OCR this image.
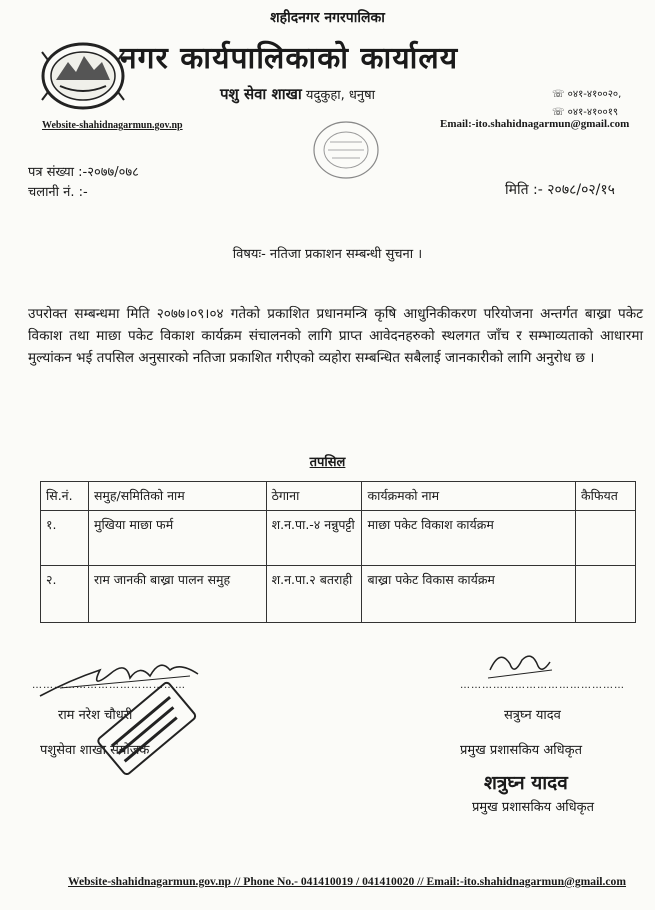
शहीदनगर नगरपालिका
नगर कार्यपालिकाको कार्यालय
पशु सेवा शाखा यदुकुहा, धनुषा	☏ ०४१-४१००२०,
☏ ०४१-४१००१९
Website-shahidnagarmun.gov.np	Email:-ito.shahidnagarmun@gmail.com
पत्र संख्या :-२०७७/०७८
चलानी नं. :-	मिति :- २०७८/०२/१५
विषयः- नतिजा प्रकाशन सम्बन्धी सुचना ।
उपरोक्त सम्बन्धमा मिति २०७७।०९।०४ गतेको प्रकाशित प्रधानमन्त्रि कृषि आधुनिकीकरण परियोजना अन्तर्गत बाख्रा पकेट विकाश तथा माछा पकेट विकाश कार्यक्रम संचालनको लागि प्राप्त आवेदनहरुको स्थलगत जाँच र सम्भाव्यताको आधारमा मुल्यांकन भई तपसिल अनुसारको नतिजा प्रकाशित गरीएको व्यहोरा सम्बन्धित सबैलाई जानकारीको लागि अनुरोध छ ।
तपसिल
सि.नं.	समुह/समितिको नाम	ठेगाना	कार्यक्रमको नाम	कैफियत
१.	मुखिया माछा फर्म	श.न.पा.-४ नन्नुपट्टी	माछा पकेट विकाश कार्यक्रम	
२.	राम जानकी बाख्रा पालन समुह	श.न.पा.२ बतराही	बाख्रा पकेट विकास कार्यक्रम	
……………………………………
राम नरेश चौधरी
पशुसेवा शाखा संयोजक
………………………………………
सत्रुघ्न यादव
प्रमुख प्रशासकिय अधिकृत
शत्रुघ्न यादव
प्रमुख प्रशासकिय अधिकृत
Website-shahidnagarmun.gov.np // Phone No.- 041410019 / 041410020 // Email:-ito.shahidnagarmun@gmail.com
